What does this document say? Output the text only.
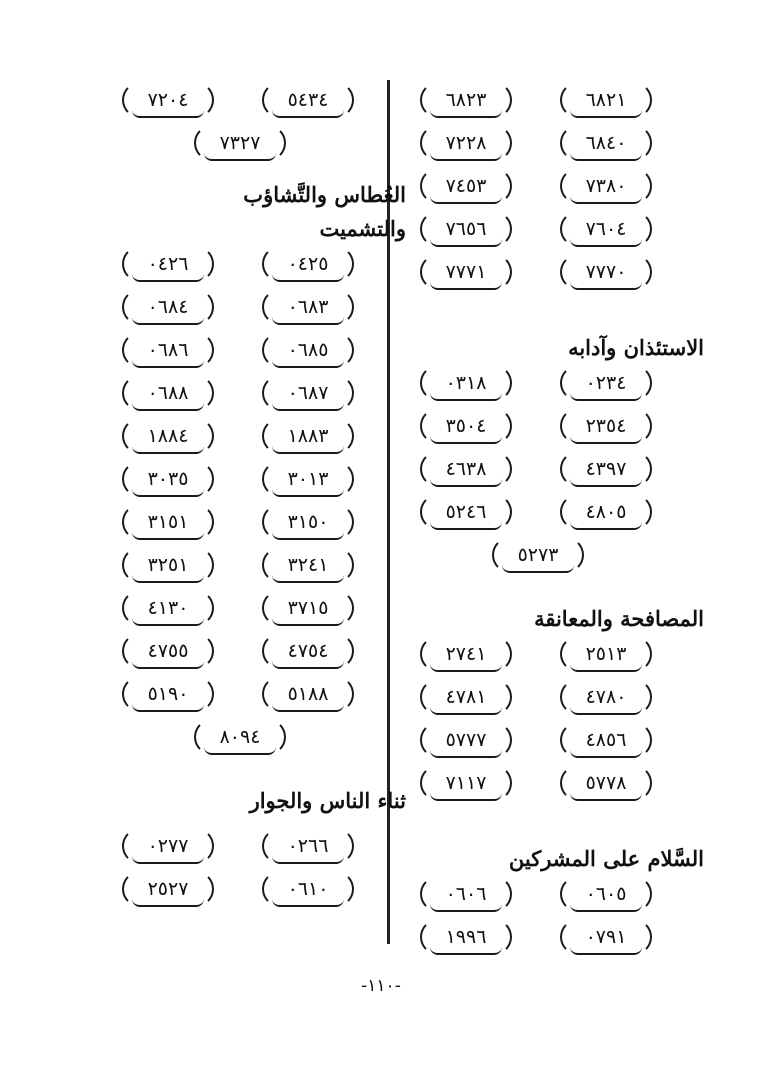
٦٨٢٣	٦٨٢١
٧٢٢٨	٦٨٤٠
٧٤٥٣	٧٣٨٠
٧٦٥٦	٧٦٠٤
٧٧٧١	٧٧٧٠
الاستئذان وآدابه
٠٣١٨	٠٢٣٤
٣٥٠٤	٢٣٥٤
٤٦٣٨	٤٣٩٧
٥٢٤٦	٤٨٠٥
٥٢٧٣
المصافحة والمعانقة
٢٧٤١	٢٥١٣
٤٧٨١	٤٧٨٠
٥٧٧٧	٤٨٥٦
٧١١٧	٥٧٧٨
السَّلام على المشركين
٠٦٠٦	٠٦٠٥
١٩٩٦	٠٧٩١
٧٢٠٤	٥٤٣٤
٧٣٢٧
العُطاس والتَّشاؤب
والتشميت
٠٤٢٦	٠٤٢٥
٠٦٨٤	٠٦٨٣
٠٦٨٦	٠٦٨٥
٠٦٨٨	٠٦٨٧
١٨٨٤	١٨٨٣
٣٠٣٥	٣٠١٣
٣١٥١	٣١٥٠
٣٢٥١	٣٢٤١
٤١٣٠	٣٧١٥
٤٧٥٥	٤٧٥٤
٥١٩٠	٥١٨٨
٨٠٩٤
ثناء الناس والجوار
٠٢٧٧	٠٢٦٦
٢٥٢٧	٠٦١٠
-١١٠-
